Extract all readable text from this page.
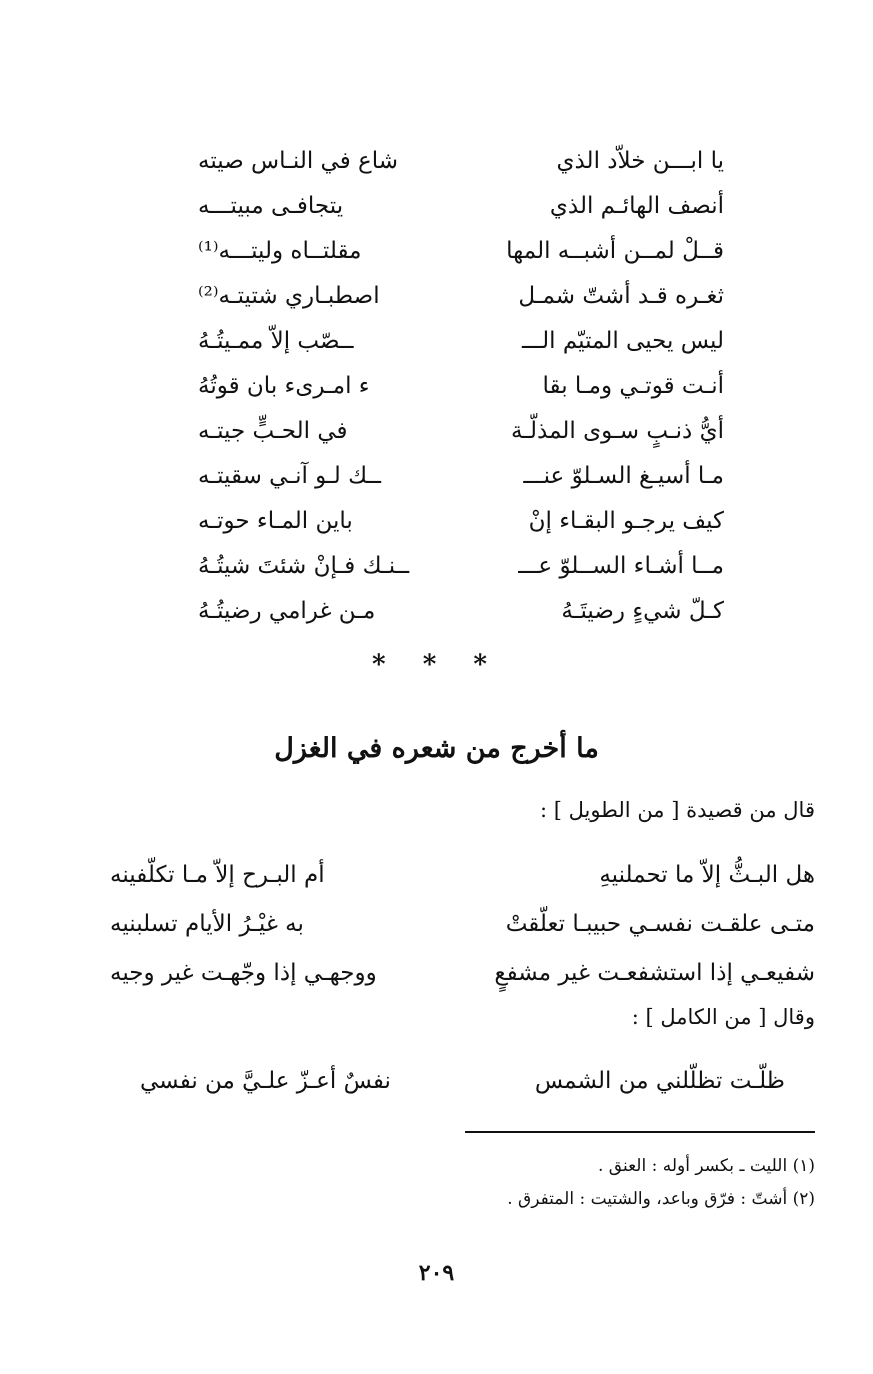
يا ابـــن خلاّد الذي
شاع في النـاس صيته
أنصف الهائـم الذي
يتجافـى مبيتـــه
قــلْ لمــن أشبــه المها
مقلتــاه وليتـــه⁽¹⁾
ثغـره قـد أشتّ شمـل
اصطبـاري شتيتـه⁽²⁾
ليس يحيى المتيّم الـــ
ــصّب إلاّ ممـيتُـهُ
أنـت قوتـي ومـا بقا
ء امـرىء بان قوتُهُ
أيُّ ذنـبٍ سـوى المذلّـة
في الحـبٍّ جيتـه
مـا أسيـغ السـلوّ عنـــ
ــك لـو آنـي سقيتـه
كيف يرجـو البقـاء إنْ
باين المـاء حوتـه
مــا أشـاء الســلوّ عـــ
ــنـك فـإنْ شئتَ شيتُـهُ
كـلّ شيءٍ رضيتَـهُ
مـن غرامي رضيتُـهُ
* * *
ما أخرج من شعره في الغزل
قال من قصيدة [ من الطويل ] :
هل البـثُّ إلاّ ما تحملنيهِ
أم البـرح إلاّ مـا تكلّفينه
متـى علقـت نفسـي حبيبـا تعلّقتْ
به غيْـرُ الأيام تسلبنيه
شفيعـي إذا استشفعـت غير مشفعٍ
ووجهـي إذا وجّهـت غير وجيه
وقال [ من الكامل ] :
ظلّـت تظلّلني من الشمس
نفسٌ أعـزّ علـيَّ من نفسي
(١) الليت ـ بكسر أوله : العنق .
(٢) أشتّ : فرّق وباعد، والشتيت : المتفرق .
٢٠٩
